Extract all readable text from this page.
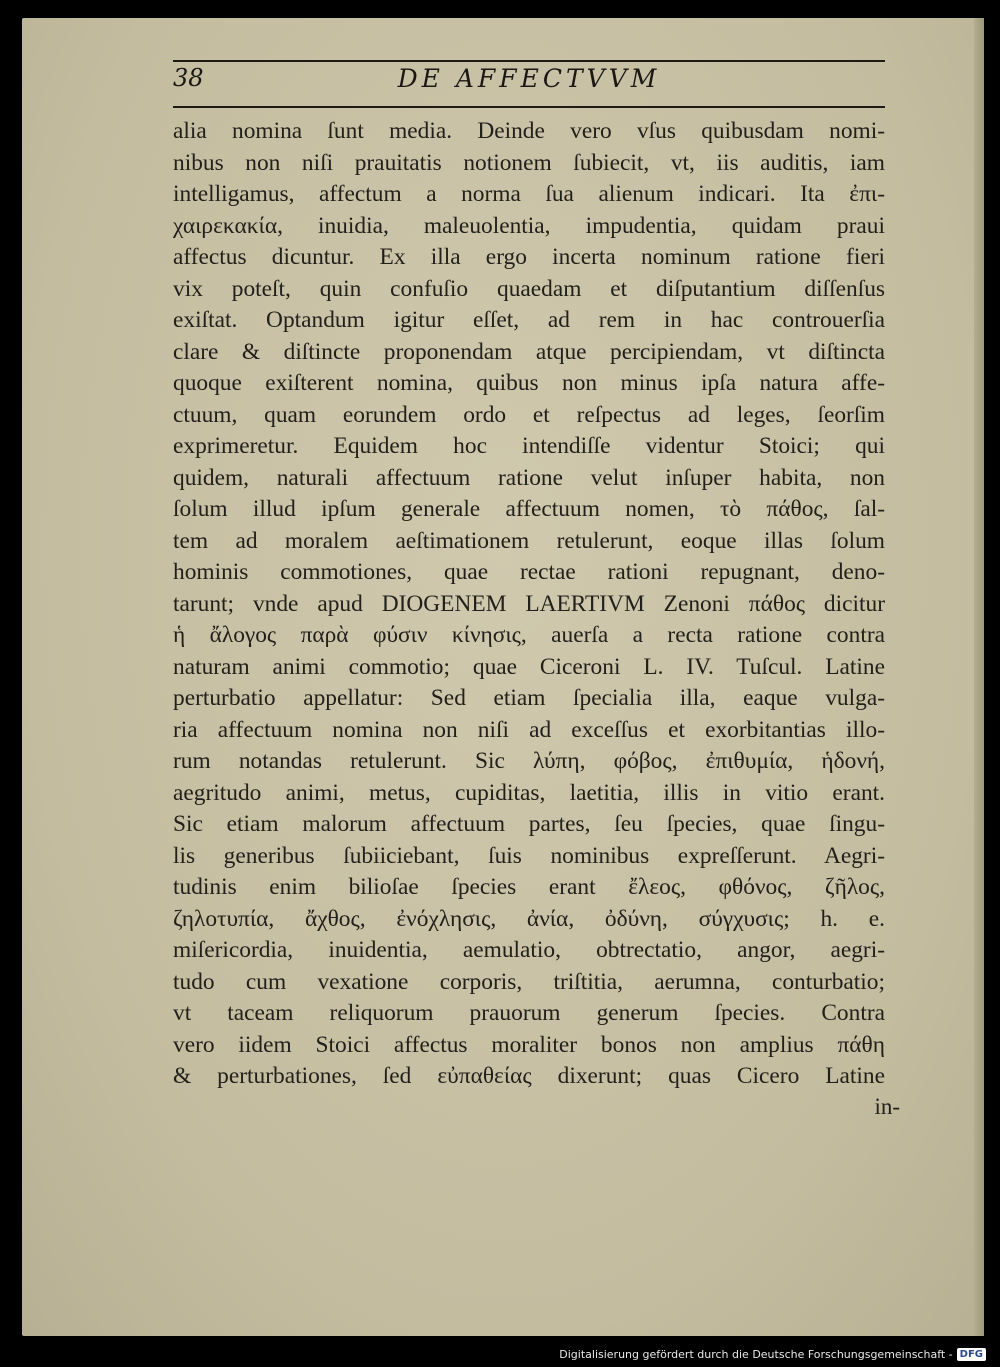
38	DE AFFECTVVM
alia nomina ſunt media. Deinde vero vſus quibusdam nomi-
nibus non niſi prauitatis notionem ſubiecit, vt, iis auditis, iam
intelligamus, affectum a norma ſua alienum indicari. Ita ἐπι-
χαιρεκακία, inuidia, maleuolentia, impudentia, quidam praui
affectus dicuntur. Ex illa ergo incerta nominum ratione fieri
vix poteſt, quin confuſio quaedam et diſputantium diſſenſus
exiſtat. Optandum igitur eſſet, ad rem in hac controuerſia
clare & diſtincte proponendam atque percipiendam, vt diſtincta
quoque exiſterent nomina, quibus non minus ipſa natura affe-
ctuum, quam eorundem ordo et reſpectus ad leges, ſeorſim
exprimeretur. Equidem hoc intendiſſe videntur Stoici; qui
quidem, naturali affectuum ratione velut inſuper habita, non
ſolum illud ipſum generale affectuum nomen, τὸ πάθος, ſal-
tem ad moralem aeſtimationem retulerunt, eoque illas ſolum
hominis commotiones, quae rectae rationi repugnant, deno-
tarunt; vnde apud DIOGENEM LAERTIVM Zenoni πάθος dicitur
ἡ ἄλογος παρὰ φύσιν κίνησις, auerſa a recta ratione contra
naturam animi commotio; quae Ciceroni L. IV. Tuſcul. Latine
perturbatio appellatur: Sed etiam ſpecialia illa, eaque vulga-
ria affectuum nomina non niſi ad exceſſus et exorbitantias illo-
rum notandas retulerunt. Sic λύπη, φόβος, ἐπιθυμία, ἡδονή,
aegritudo animi, metus, cupiditas, laetitia, illis in vitio erant.
Sic etiam malorum affectuum partes, ſeu ſpecies, quae ſingu-
lis generibus ſubiiciebant, ſuis nominibus expreſſerunt. Aegri-
tudinis enim bilioſae ſpecies erant ἔλεος, φθόνος, ζῆλος,
ζηλοτυπία, ἄχθος, ἐνόχλησις, ἀνία, ὀδύνη, σύγχυσις; h. e.
miſericordia, inuidentia, aemulatio, obtrectatio, angor, aegri-
tudo cum vexatione corporis, triſtitia, aerumna, conturbatio;
vt taceam reliquorum prauorum generum ſpecies. Contra
vero iidem Stoici affectus moraliter bonos non amplius πάθη
& perturbationes, ſed εὐπαθείας dixerunt; quas Cicero Latine
in-
Digitalisierung gefördert durch die Deutsche Forschungsgemeinschaft - DFG
